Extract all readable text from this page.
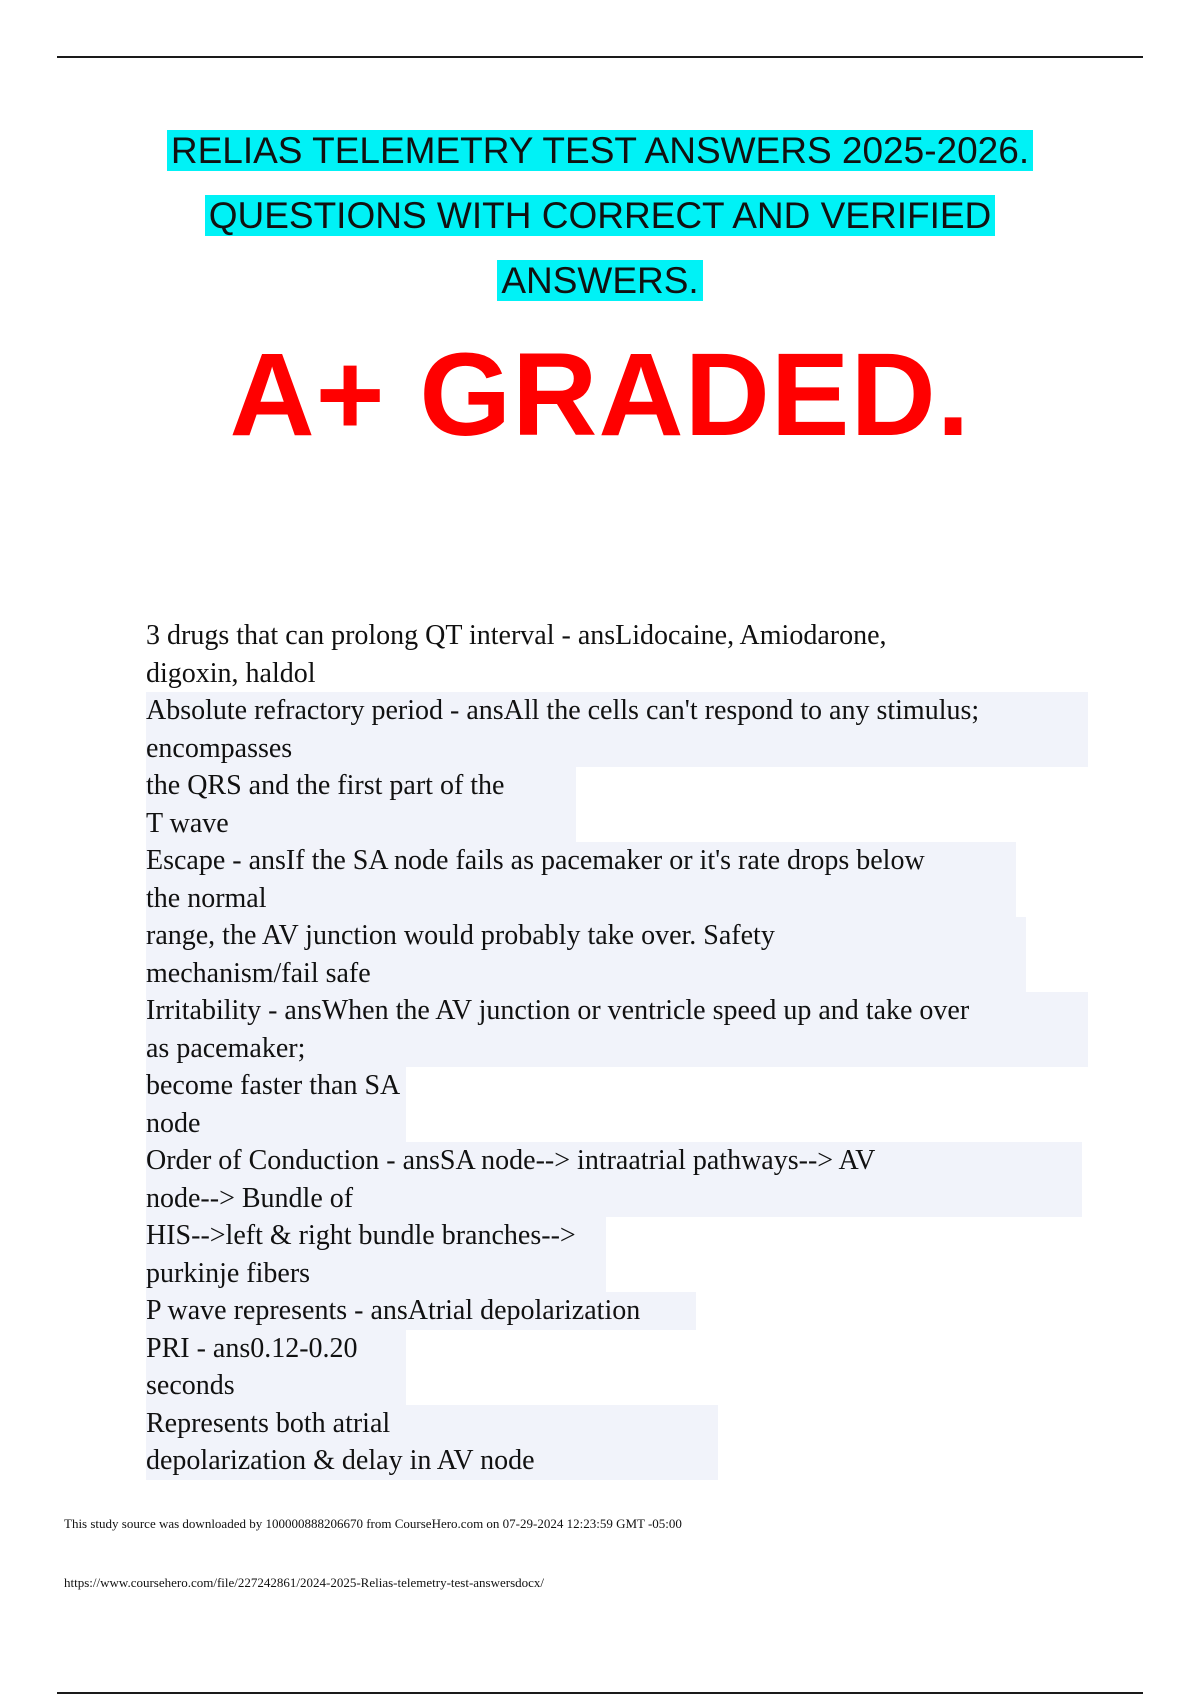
RELIAS TELEMETRY TEST ANSWERS 2025-2026.
QUESTIONS WITH CORRECT AND VERIFIED
ANSWERS.
A+ GRADED.
3 drugs that can prolong QT interval - ansLidocaine, Amiodarone,
digoxin, haldol
Absolute refractory period - ansAll the cells can't respond to any stimulus;
encompasses
the QRS and the first part of the
T wave
Escape - ansIf the SA node fails as pacemaker or it's rate drops below
the normal
range, the AV junction would probably take over. Safety
mechanism/fail safe
Irritability - ansWhen the AV junction or ventricle speed up and take over
as pacemaker;
become faster than SA
node
Order of Conduction - ansSA node--> intraatrial pathways--> AV
node--> Bundle of
HIS-->left & right bundle branches-->
purkinje fibers
P wave represents - ansAtrial depolarization
PRI - ans0.12-0.20
seconds
Represents both atrial
depolarization & delay in AV node
This study source was downloaded by 100000888206670 from CourseHero.com on 07-29-2024 12:23:59 GMT -05:00
https://www.coursehero.com/file/227242861/2024-2025-Relias-telemetry-test-answersdocx/
